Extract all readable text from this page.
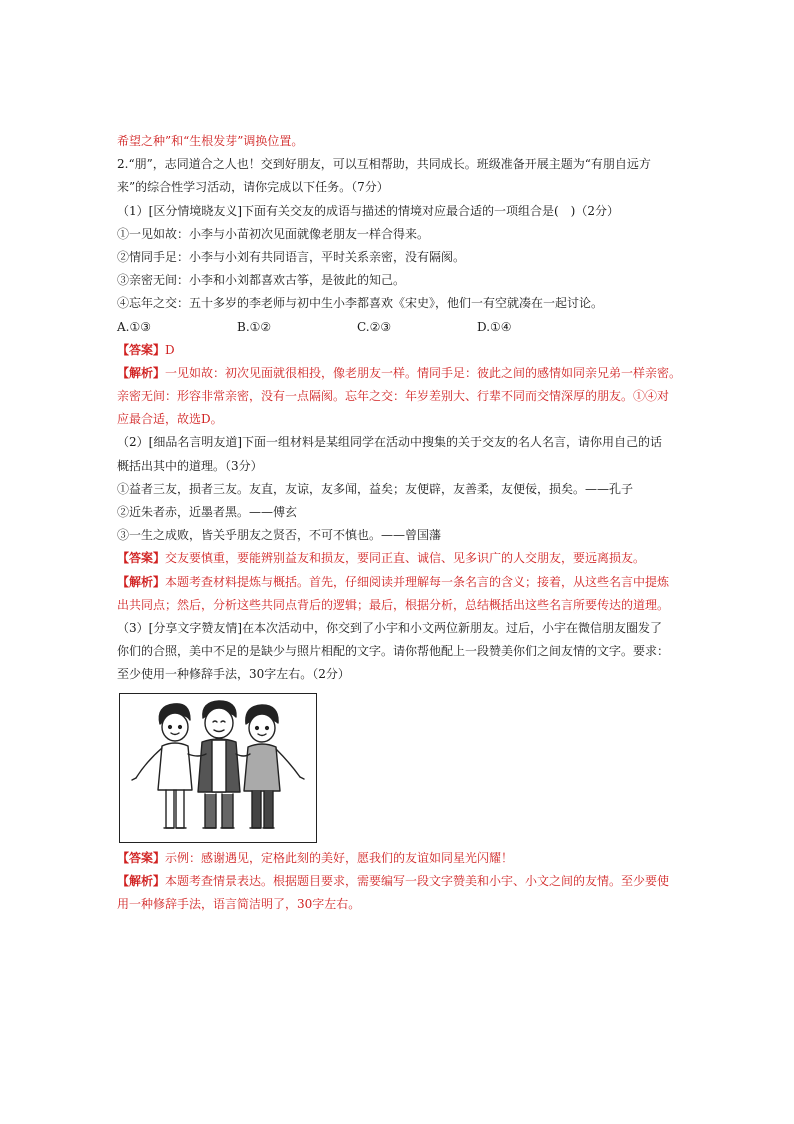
希望之种”和“生根发芽”调换位置。
2.“朋”，志同道合之人也！交到好朋友，可以互相帮助，共同成长。班级准备开展主题为“有朋自远方
来”的综合性学习活动，请你完成以下任务。（7分）
（1）[区分情境晓友义]下面有关交友的成语与描述的情境对应最合适的一项组合是(　)（2分）
①一见如故：小李与小苗初次见面就像老朋友一样合得来。
②情同手足：小李与小刘有共同语言，平时关系亲密，没有隔阂。
③亲密无间：小李和小刘都喜欢古筝，是彼此的知己。
④忘年之交：五十多岁的李老师与初中生小李都喜欢《宋史》，他们一有空就凑在一起讨论。
A.①③	B.①②	C.②③	D.①④
【答案】D
【解析】一见如故：初次见面就很相投，像老朋友一样。情同手足：彼此之间的感情如同亲兄弟一样亲密。
亲密无间：形容非常亲密，没有一点隔阂。忘年之交：年岁差别大、行辈不同而交情深厚的朋友。①④对
应最合适，故选D。
（2）[细品名言明友道]下面一组材料是某组同学在活动中搜集的关于交友的名人名言，请你用自己的话
概括出其中的道理。（3分）
①益者三友，损者三友。友直，友谅，友多闻，益矣；友便辟，友善柔，友便佞，损矣。——孔子
②近朱者赤，近墨者黑。——傅玄
③一生之成败，皆关乎朋友之贤否，不可不慎也。——曾国藩
【答案】交友要慎重，要能辨别益友和损友，要同正直、诚信、见多识广的人交朋友，要远离损友。
【解析】本题考查材料提炼与概括。首先，仔细阅读并理解每一条名言的含义；接着，从这些名言中提炼
出共同点；然后，分析这些共同点背后的逻辑；最后，根据分析，总结概括出这些名言所要传达的道理。
（3）[分享文字赞友情]在本次活动中，你交到了小宇和小文两位新朋友。过后，小宇在微信朋友圈发了
你们的合照，美中不足的是缺少与照片相配的文字。请你帮他配上一段赞美你们之间友情的文字。要求：
至少使用一种修辞手法，30字左右。（2分）
【答案】示例：感谢遇见，定格此刻的美好，愿我们的友谊如同星光闪耀！
【解析】本题考查情景表达。根据题目要求，需要编写一段文字赞美和小宇、小文之间的友情。至少要使
用一种修辞手法，语言简洁明了，30字左右。
